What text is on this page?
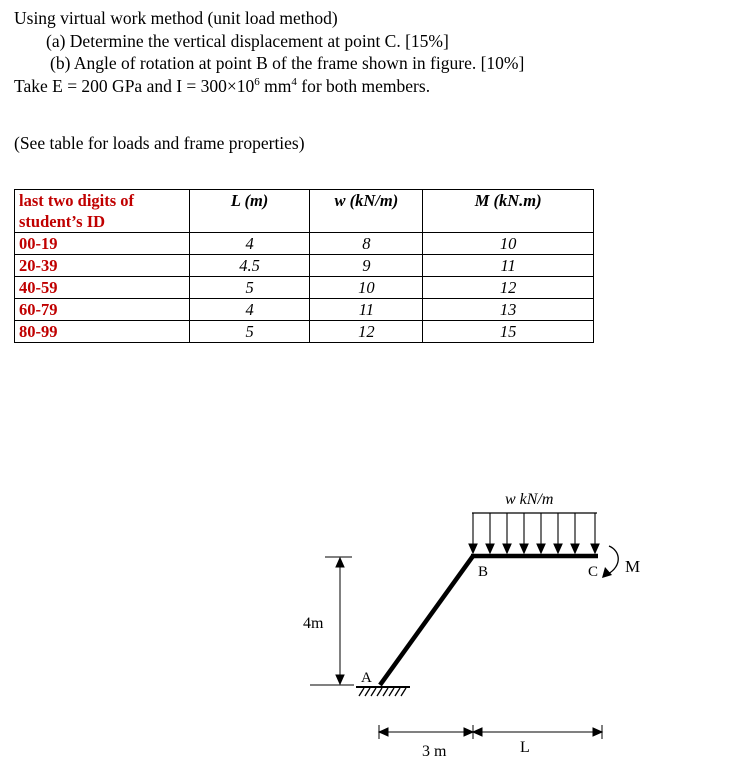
Using virtual work method (unit load method)
(a) Determine the vertical displacement at point C. [15%]
(b) Angle of rotation at point B of the frame shown in figure. [10%]
Take E = 200 GPa and $I = 300\times 10^6$ $mm^4$ for both members.
(See table for loads and frame properties)
last two digits of student’s ID	L (m)	w (kN/m)	M (kN.m)
00-19	4	8	10
20-39	4.5	9	11
40-59	5	10	12
60-79	4	11	13
80-99	5	12	15
w kN/m
M
A
B	C
4m
3 m	L
